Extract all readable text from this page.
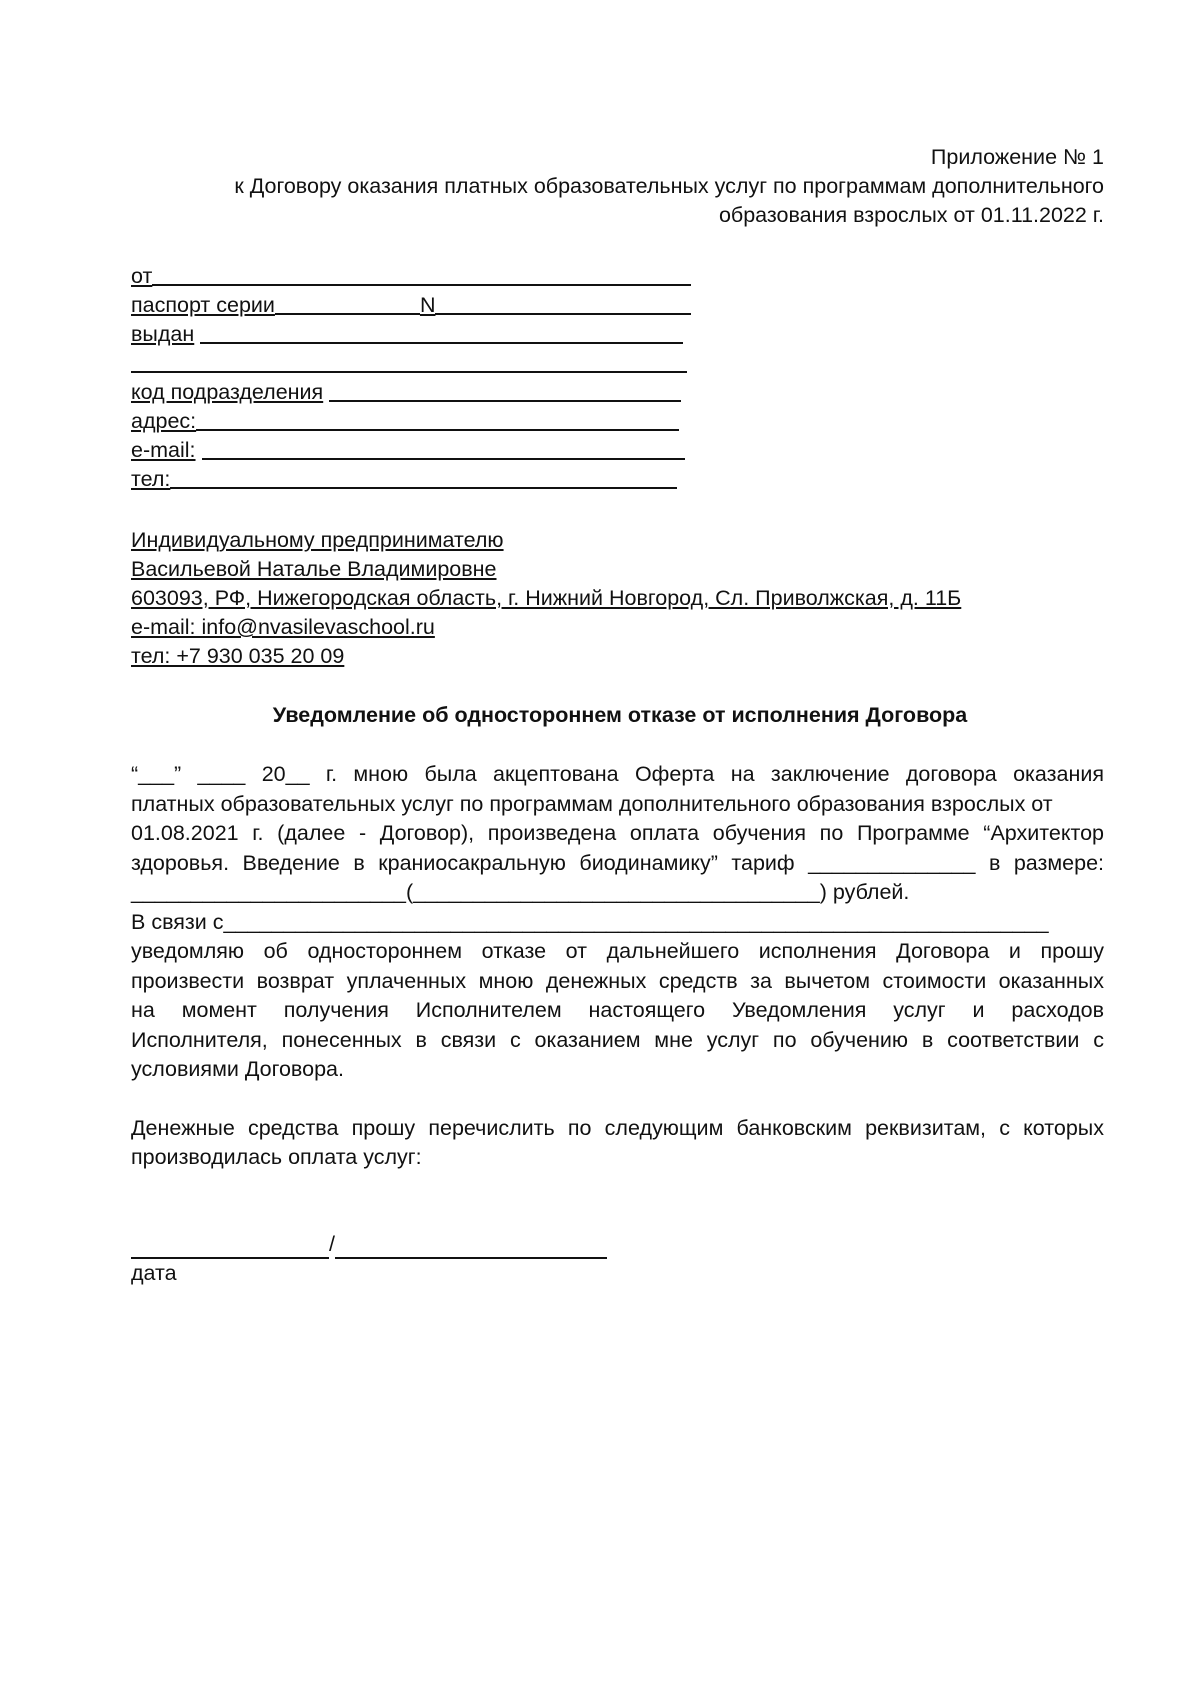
Приложение № 1
к Договору оказания платных образовательных услуг по программам дополнительного
образования взрослых от 01.11.2022 г.
от
паспорт серии	N
выдан
код подразделения
адрес:
e-mail:
тел:
Индивидуальному предпринимателю
Васильевой Наталье Владимировне
603093, РФ, Нижегородская область, г. Нижний Новгород, Сл. Приволжская, д. 11Б
e-mail: info@nvasilevaschool.ru
тел: +7 930 035 20 09
Уведомление об одностороннем отказе от исполнения Договора
“___” ____ 20__ г. мною была акцептована Оферта на заключение договора оказания
платных образовательных услуг по программам дополнительного образования взрослых от
01.08.2021 г. (далее - Договор), произведена оплата обучения по Программе “Архитектор
здоровья. Введение в краниосакральную биодинамику” тариф ______________ в размере:
_______________________(__________________________________) рублей.
В связи с_____________________________________________________________________
уведомляю об одностороннем отказе от дальнейшего исполнения Договора и прошу
произвести возврат уплаченных мною денежных средств за вычетом стоимости оказанных
на момент получения Исполнителем настоящего Уведомления услуг и расходов
Исполнителя, понесенных в связи с оказанием мне услуг по обучению в соответствии с
условиями Договора.
Денежные средства прошу перечислить по следующим банковским реквизитам, с которых
производилась оплата услуг:
/
дата
